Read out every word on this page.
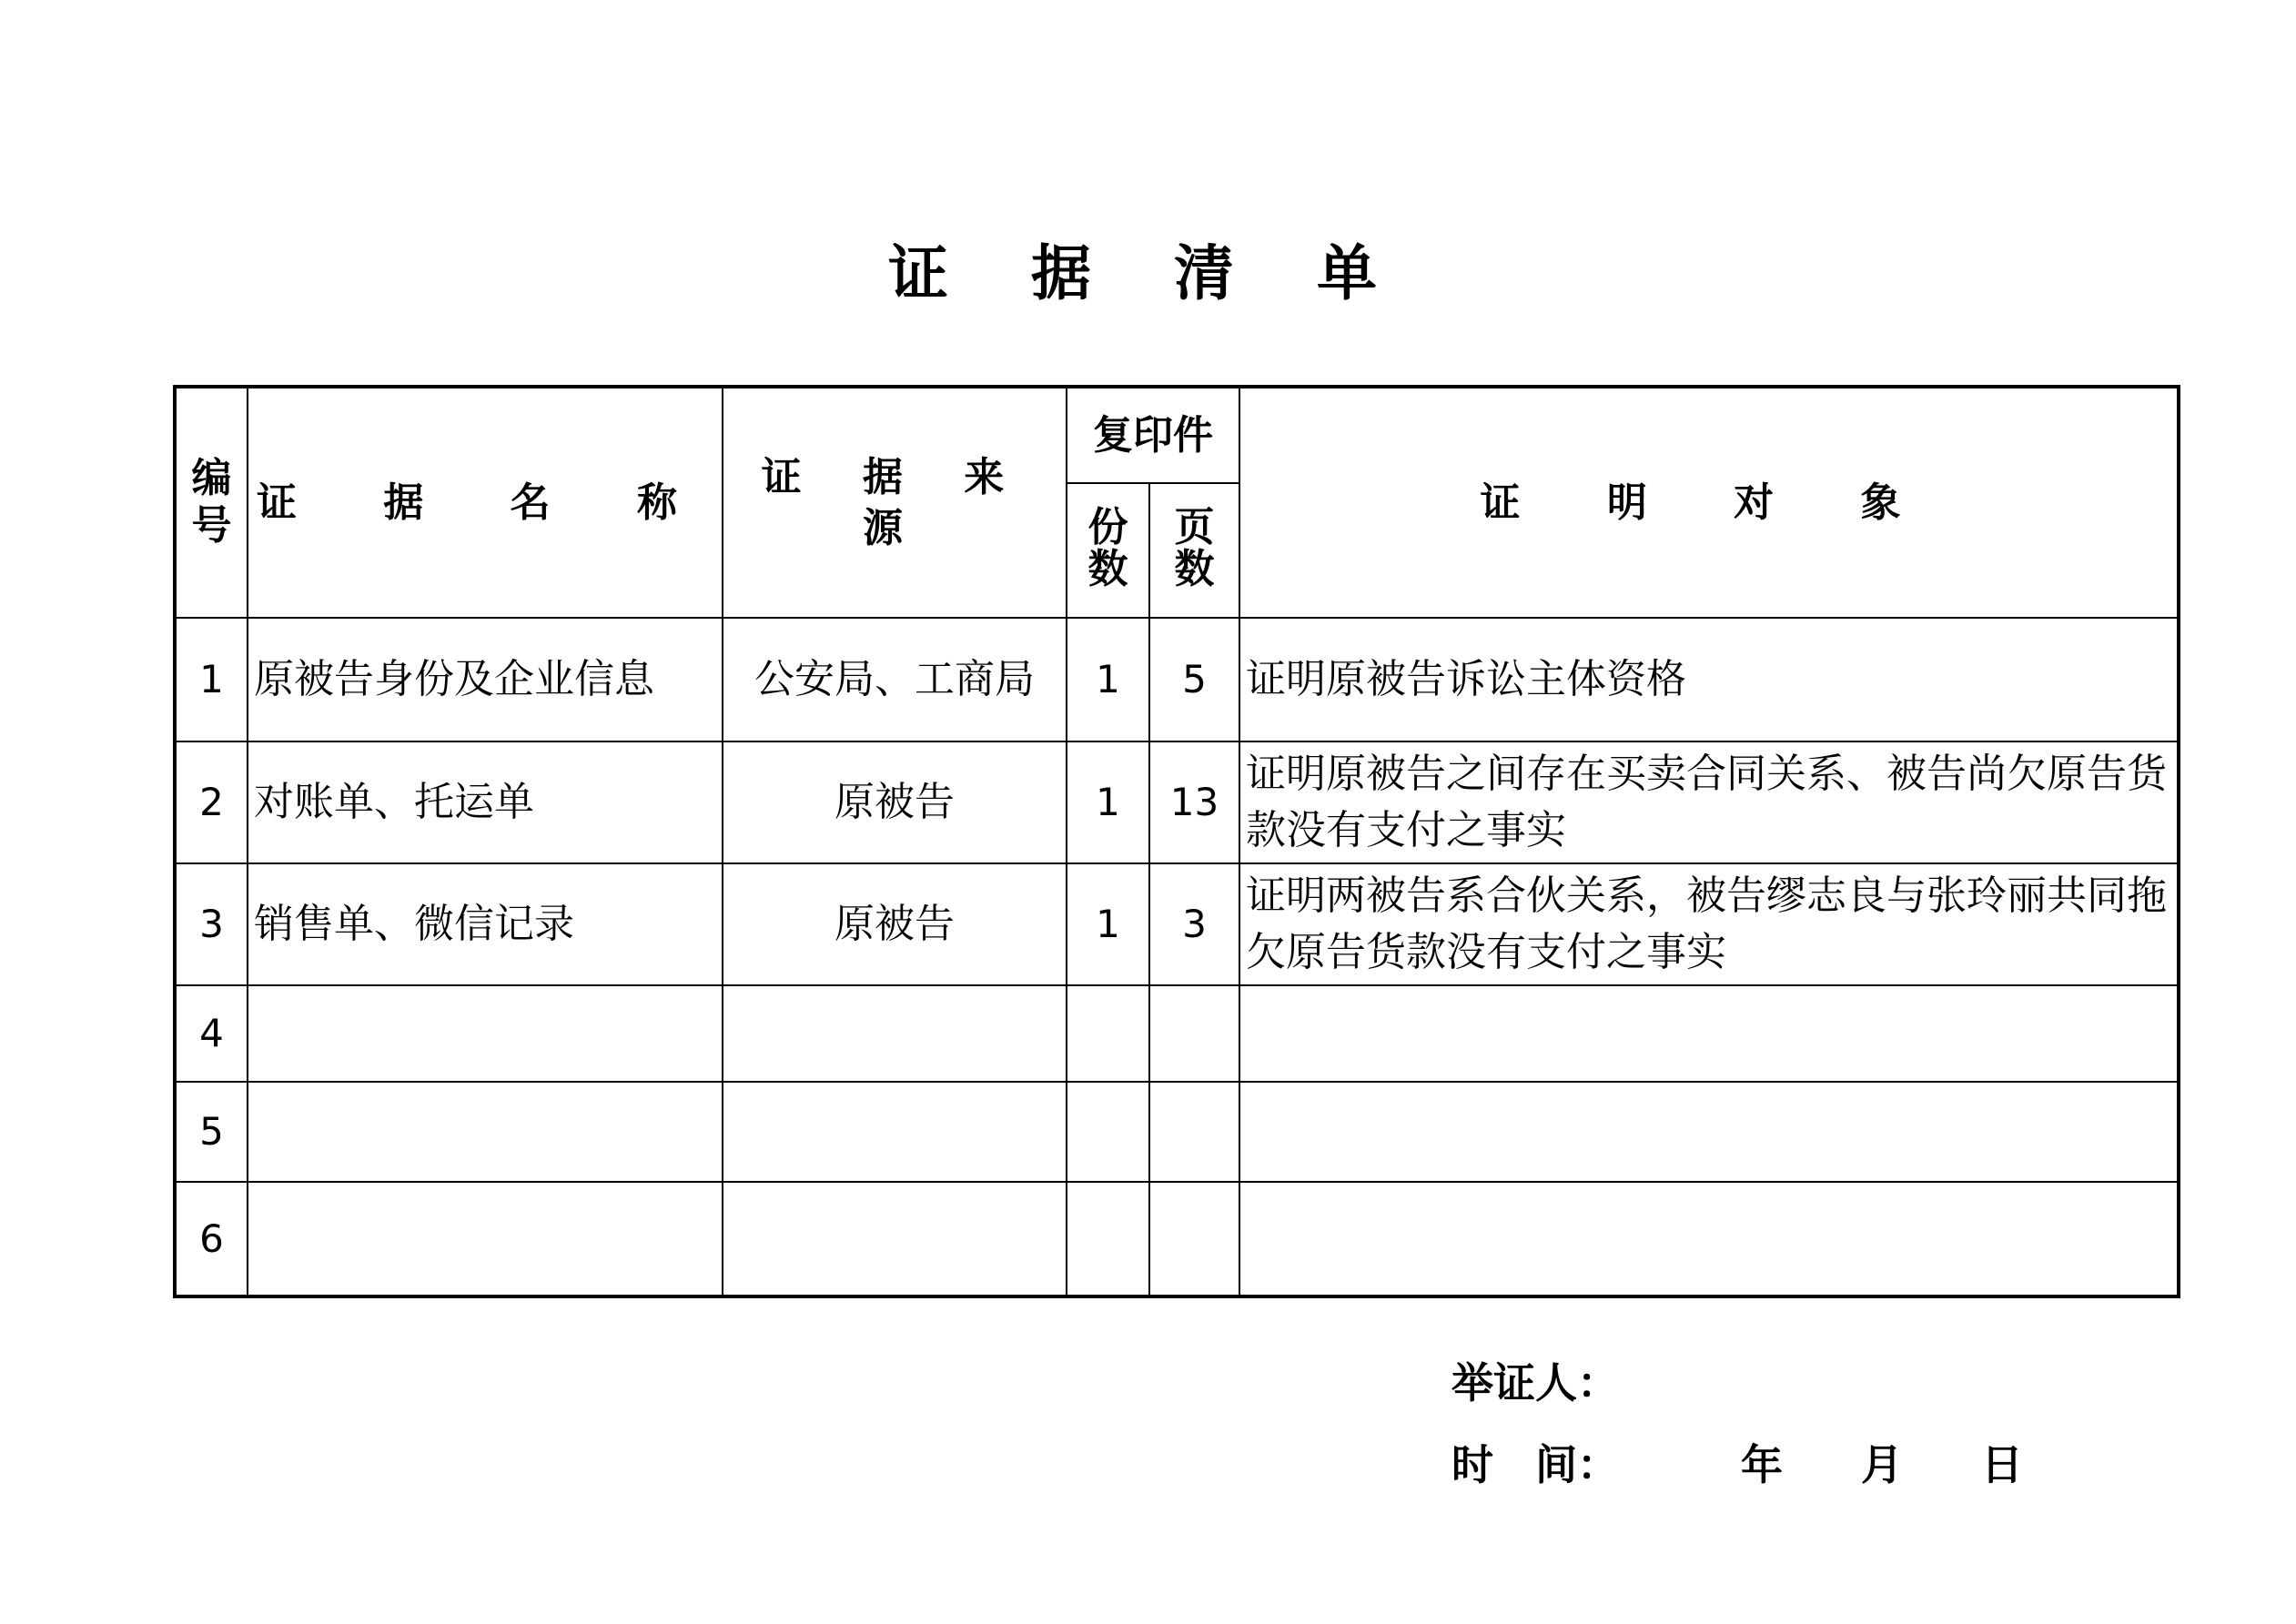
证 据 清 单
编号	证 据 名 称	证 据 来 源	复印件		证 明 对 象
			份数	页数	
1	原被告身份及企业信息	公安局、工商局	1	5	证明原被告诉讼主体资格
2	对账单、托运单	原被告	1	13	证明原被告之间存在买卖合同关系、被告尚欠原告货款没有支付之事实
3	销售单、微信记录	原被告	1	3	证明两被告系合伙关系，被告缪志良与张玲丽共同拖欠原告货款没有支付之事实
4					
5					
6					
举证人：
时　间：	年 月 日
